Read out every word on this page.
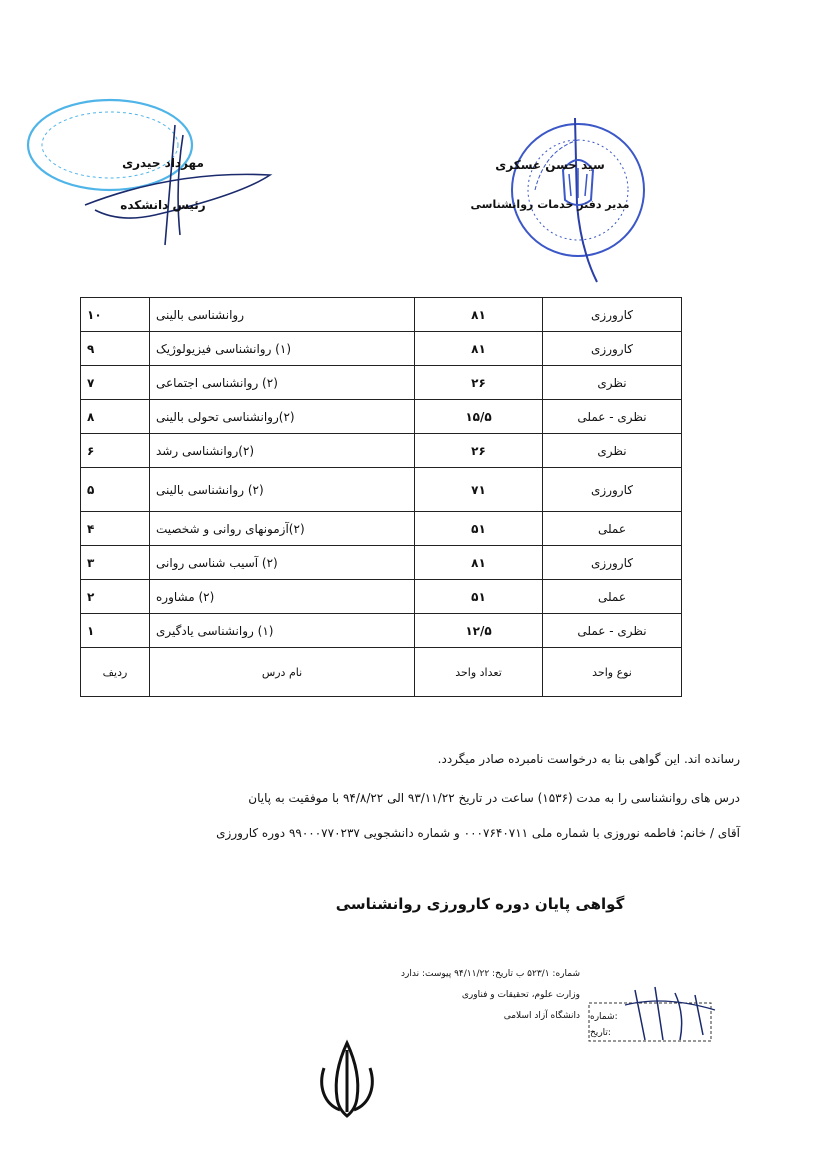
سید حسن عسکری
مدیر دفتر خدمات روانشناسی
مهرداد حیدری
رئیس دانشکده
۱۰	روانشناسی بالینی	۸۱	کارورزی
۹	(۱) روانشناسی فیزیولوژیک	۸۱	کارورزی
۷	(۲) روانشناسی اجتماعی	۲۶	نظری
۸	(۲)روانشناسی تحولی بالینی	۱۵/۵	نظری - عملی
۶	(۲)روانشناسی رشد	۲۶	نظری
۵	(۲) روانشناسی بالینی	۷۱	کارورزی
۴	(۲)آزمونهای روانی و شخصیت	۵۱	عملی
۳	(۲) آسیب شناسی روانی	۸۱	کارورزی
۲	(۲) مشاوره	۵۱	عملی
۱	(۱) روانشناسی یادگیری	۱۲/۵	نظری - عملی
ردیف	نام درس	تعداد واحد	نوع واحد
رسانده اند. این گواهی بنا به درخواست نامبرده صادر میگردد.
درس های روانشناسی را به مدت (۱۵۳۶) ساعت در تاریخ ۹۳/۱۱/۲۲ الی ۹۴/۸/۲۲ با موفقیت به پایان
آقای / خانم: فاطمه نوروزی با شماره ملی ۰۰۰۷۶۴۰۷۱۱ و شماره دانشجویی ۹۹۰۰۰۷۷۰۲۳۷ دوره کارورزی
گواهی پایان دوره کارورزی روانشناسی
شماره: ۵۲۳/۱ ب تاریخ: ۹۴/۱۱/۲۲ پیوست: ندارد
وزارت علوم، تحقیقات و فناوری
دانشگاه آزاد اسلامی شماره:
تاریخ:
